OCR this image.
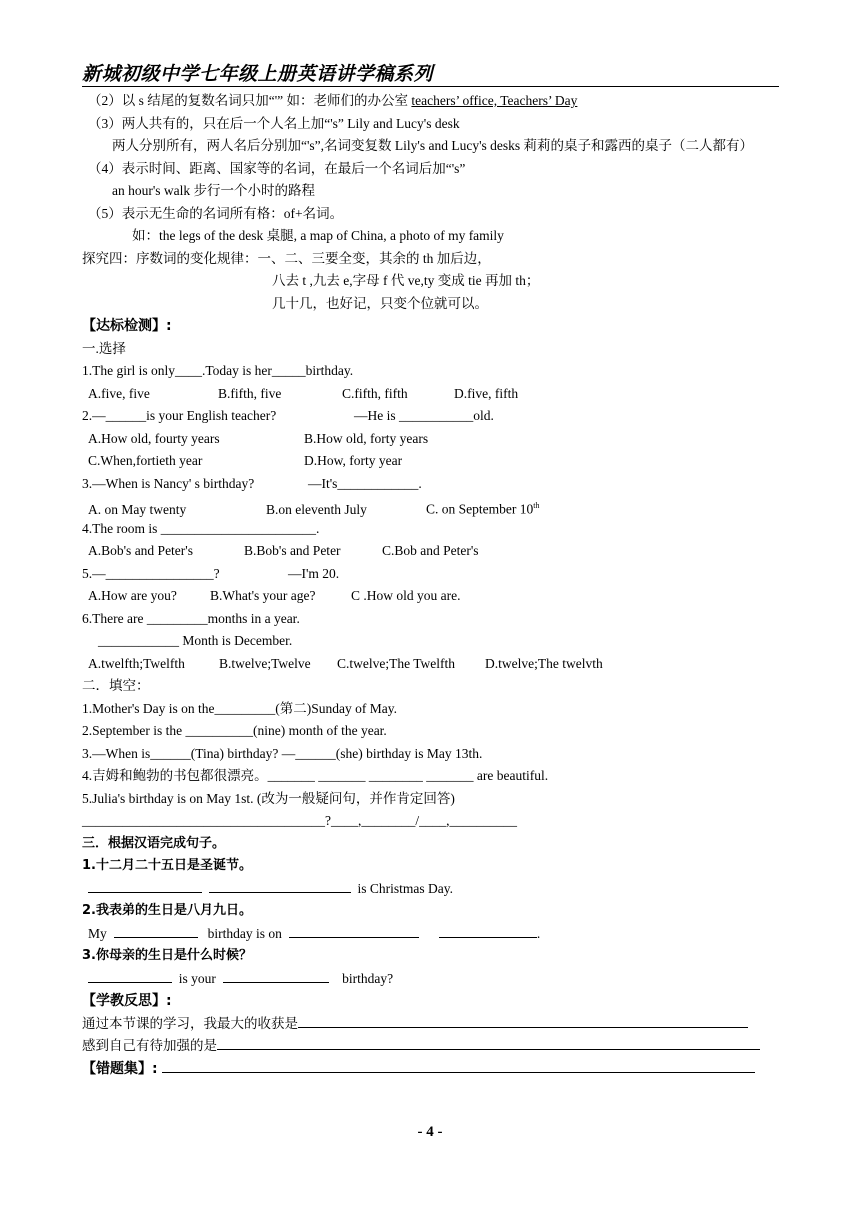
新城初级中学七年级上册英语讲学稿系列
（2）以 s 结尾的复数名词只加“'” 如：老师们的办公室 teachers’ office, Teachers’ Day
（3）两人共有的，只在后一个人名上加“'s” Lily and Lucy's desk
两人分别所有，两人名后分别加“'s”,名词变复数 Lily's and Lucy's desks 莉莉的桌子和露西的桌子（二人都有）
（4）表示时间、距离、国家等的名词，在最后一个名词后加“'s”
an hour's walk 步行一个小时的路程
（5）表示无生命的名词所有格：of+名词。
如：the legs of the desk 桌腿, a map of China, a photo of my family
探究四：序数词的变化规律：一、二、三要全变，其余的 th 加后边，
八去 t ,九去 e,字母 f 代 ve,ty 变成 tie 再加 th；
几十几，也好记，只变个位就可以。
【达标检测】:
一.选择
1.The girl is only____.Today is her_____birthday.
A.five, five	B.fifth, five	C.fifth, fifth	D.five, fifth
2.—______is your English teacher?	—He is ___________old.
A.How old, fourty years	B.How old, forty years
C.When,fortieth year	D.How, forty year
3.—When is Nancy' s birthday?	—It's____________.
A. on May twenty	B.on eleventh July	C. on September 10th
4.The room is _______________________.
A.Bob's and Peter's	B.Bob's and Peter	C.Bob and Peter's
5.—________________?	—I'm 20.
A.How are you? B.What's your age?	C .How old you are.
6.There are _________months in a year.
____________ Month is December.
A.twelfth;Twelfth	B.twelve;Twelve C.twelve;The Twelfth D.twelve;The twelvth
二．填空：
1.Mother's Day is on the_________(第二)Sunday of May.
2.September is the __________(nine) month of the year.
3.—When is______(Tina) birthday? —______(she) birthday is May 13th.
4.吉姆和鲍勃的书包都很漂亮。_______ _______ ________ _______ are beautiful.
5.Julia's birthday is on May 1st. (改为一般疑问句，并作肯定回答)
____________________________________?____,________/____,__________
三．根据汉语完成句子。
1.十二月二十五日是圣诞节。
is Christmas Day.
2.我表弟的生日是八月九日。
My	birthday is on	.
3.你母亲的生日是什么时候？
is your	birthday?
【学教反思】:
通过本节课的学习，我最大的收获是
感到自己有待加强的是
【错题集】:
- 4 -
